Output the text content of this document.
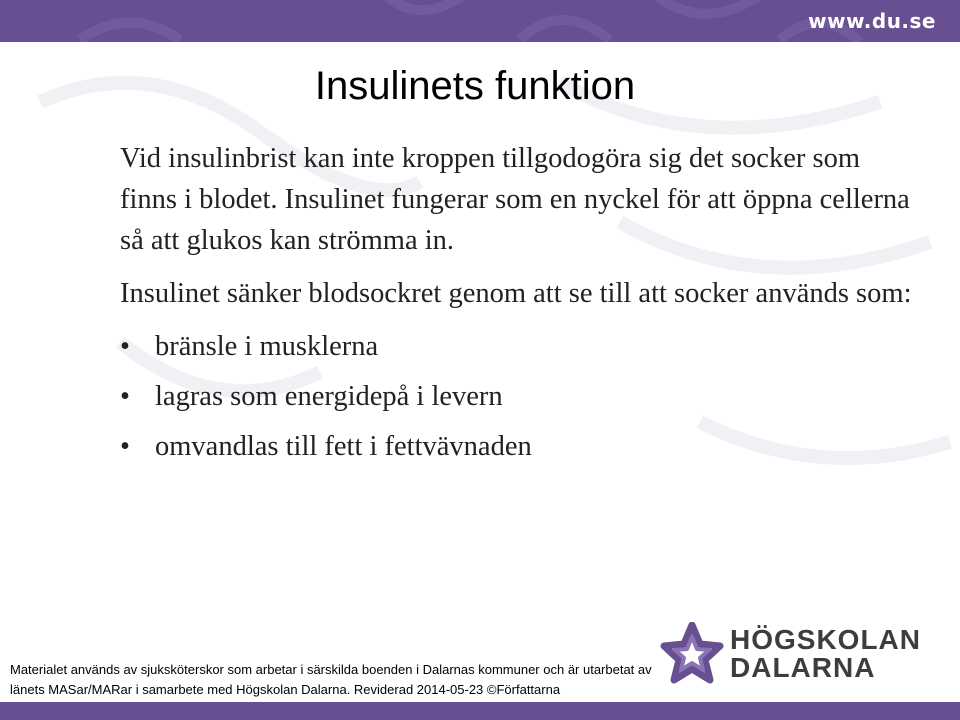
www.du.se
Insulinets funktion

Vid insulinbrist kan inte kroppen tillgodogöra sig det socker som finns i blodet. Insulinet fungerar som en nyckel för att öppna cellerna så att glukos kan strömma in.

Insulinet sänker blodsockret genom att se till att socker används som:

• bränsle i musklerna
• lagras som energidepå i levern
• omvandlas till fett i fettvävnaden
Materialet används av sjuksköterskor som arbetar i särskilda boenden i Dalarnas kommuner och är utarbetat av
länets MASar/MARar i samarbete med Högskolan Dalarna. Reviderad 2014-05-23 ©Författarna
HÖGSKOLAN
DALARNA
